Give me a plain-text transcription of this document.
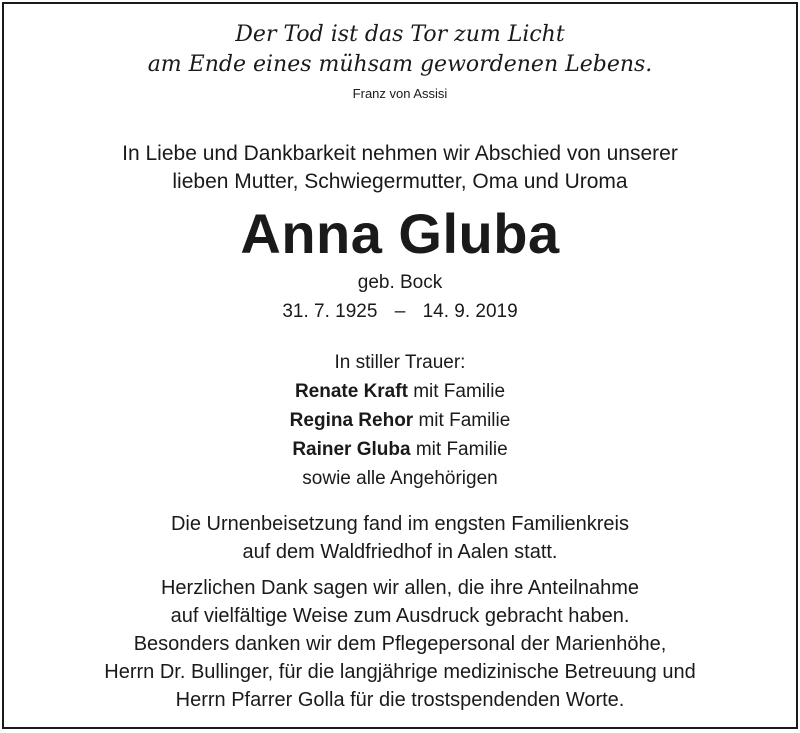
Der Tod ist das Tor zum Licht
am Ende eines mühsam gewordenen Lebens.
Franz von Assisi
In Liebe und Dankbarkeit nehmen wir Abschied von unserer
lieben Mutter, Schwiegermutter, Oma und Uroma
Anna Gluba
geb. Bock
31. 7. 1925 – 14. 9. 2019
In stiller Trauer:
Renate Kraft mit Familie
Regina Rehor mit Familie
Rainer Gluba mit Familie
sowie alle Angehörigen
Die Urnenbeisetzung fand im engsten Familienkreis
auf dem Waldfriedhof in Aalen statt.
Herzlichen Dank sagen wir allen, die ihre Anteilnahme
auf vielfältige Weise zum Ausdruck gebracht haben.
Besonders danken wir dem Pflegepersonal der Marienhöhe,
Herrn Dr. Bullinger, für die langjährige medizinische Betreuung und
Herrn Pfarrer Golla für die trostspendenden Worte.
